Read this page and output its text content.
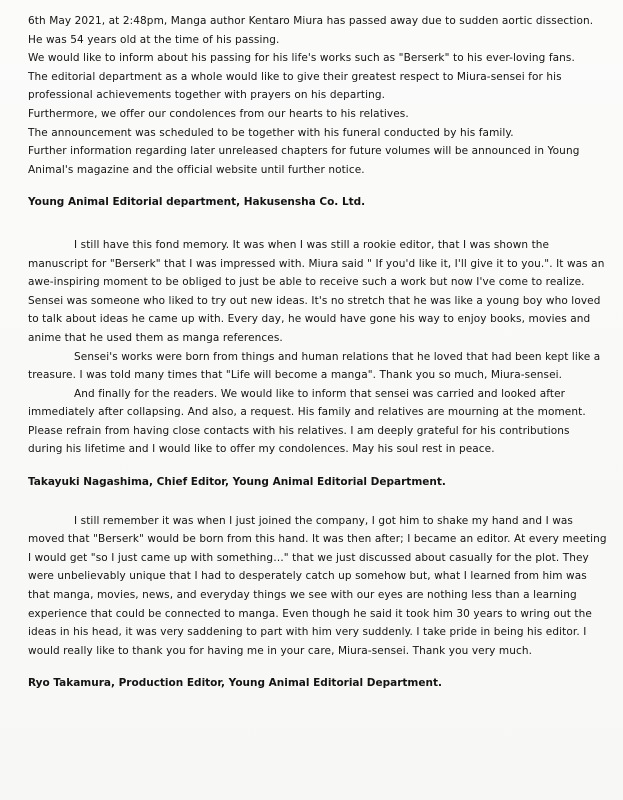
6th May 2021, at 2:48pm, Manga author Kentaro Miura has passed away due to sudden aortic dissection. He was 54 years old at the time of his passing.

We would like to inform about his passing for his life's works such as "Berserk" to his ever-loving fans.

The editorial department as a whole would like to give their greatest respect to Miura-sensei for his professional achievements together with prayers on his departing.

Furthermore, we offer our condolences from our hearts to his relatives.

The announcement was scheduled to be together with his funeral conducted by his family.

Further information regarding later unreleased chapters for future volumes will be announced in Young Animal's magazine and the official website until further notice.

Young Animal Editorial department, Hakusensha Co. Ltd.

I still have this fond memory. It was when I was still a rookie editor, that I was shown the manuscript for "Berserk" that I was impressed with. Miura said " If you'd like it, I'll give it to you.". It was an awe-inspiring moment to be obliged to just be able to receive such a work but now I've come to realize. Sensei was someone who liked to try out new ideas. It's no stretch that he was like a young boy who loved to talk about ideas he came up with. Every day, he would have gone his way to enjoy books, movies and anime that he used them as manga references.

Sensei's works were born from things and human relations that he loved that had been kept like a treasure. I was told many times that "Life will become a manga". Thank you so much, Miura-sensei.

And finally for the readers. We would like to inform that sensei was carried and looked after immediately after collapsing. And also, a request. His family and relatives are mourning at the moment. Please refrain from having close contacts with his relatives. I am deeply grateful for his contributions during his lifetime and I would like to offer my condolences. May his soul rest in peace.

Takayuki Nagashima, Chief Editor, Young Animal Editorial Department.

I still remember it was when I just joined the company, I got him to shake my hand and I was moved that "Berserk" would be born from this hand. It was then after; I became an editor. At every meeting I would get "so I just came up with something…" that we just discussed about casually for the plot. They were unbelievably unique that I had to desperately catch up somehow but, what I learned from him was that manga, movies, news, and everyday things we see with our eyes are nothing less than a learning experience that could be connected to manga. Even though he said it took him 30 years to wring out the ideas in his head, it was very saddening to part with him very suddenly. I take pride in being his editor. I would really like to thank you for having me in your care, Miura-sensei. Thank you very much.

Ryo Takamura, Production Editor, Young Animal Editorial Department.
